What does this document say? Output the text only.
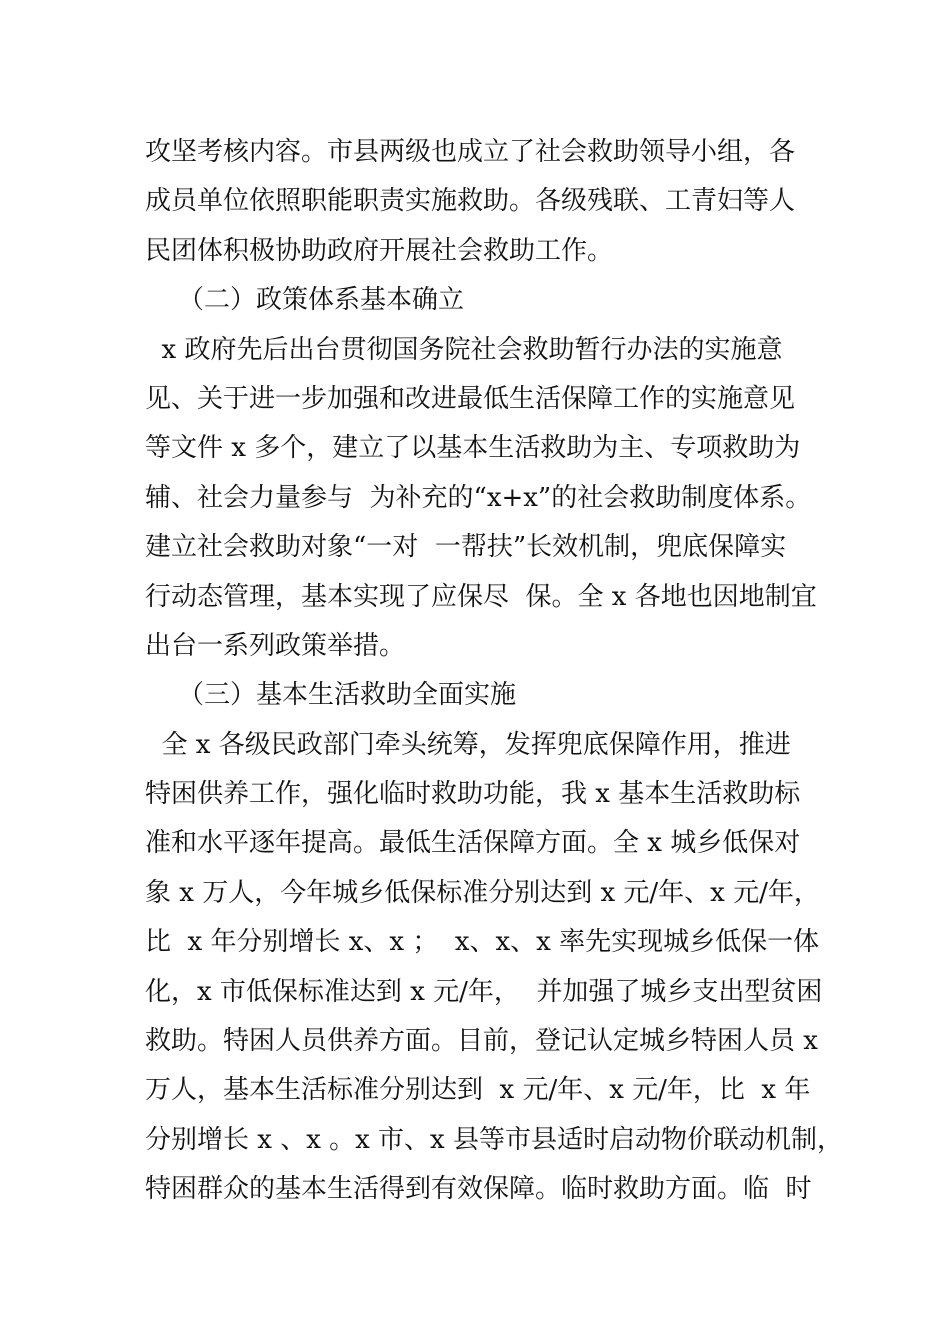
攻坚考核内容。市县两级也成立了社会救助领导小组，各
成员单位依照职能职责实施救助。各级残联、工青妇等人
民团体积极协助政府开展社会救助工作。
（二）政策体系基本确立
x 政府先后出台贯彻国务院社会救助暂行办法的实施意
见、关于进一步加强和改进最低生活保障工作的实施意见
等文件 x 多个，建立了以基本生活救助为主、专项救助为
辅、社会力量参与  为补充的“x+x”的社会救助制度体系。
建立社会救助对象“一对  一帮扶”长效机制，兜底保障实
行动态管理，基本实现了应保尽  保。全 x 各地也因地制宜
出台一系列政策举措。
（三）基本生活救助全面实施
全 x 各级民政部门牵头统筹，发挥兜底保障作用，推进
特困供养工作，强化临时救助功能，我 x 基本生活救助标
准和水平逐年提高。最低生活保障方面。全 x 城乡低保对
象 x 万人，今年城乡低保标准分别达到 x 元/年、x 元/年，
比  x 年分别增长 x、x ；  x、x、x 率先实现城乡低保一体
化，x 市低保标准达到 x 元/年，  并加强了城乡支出型贫困
救助。特困人员供养方面。目前，登记认定城乡特困人员 x
万人，基本生活标准分别达到  x 元/年、x 元/年，比  x 年
分别增长 x 、x 。x 市、x 县等市县适时启动物价联动机制，
特困群众的基本生活得到有效保障。临时救助方面。临  时
